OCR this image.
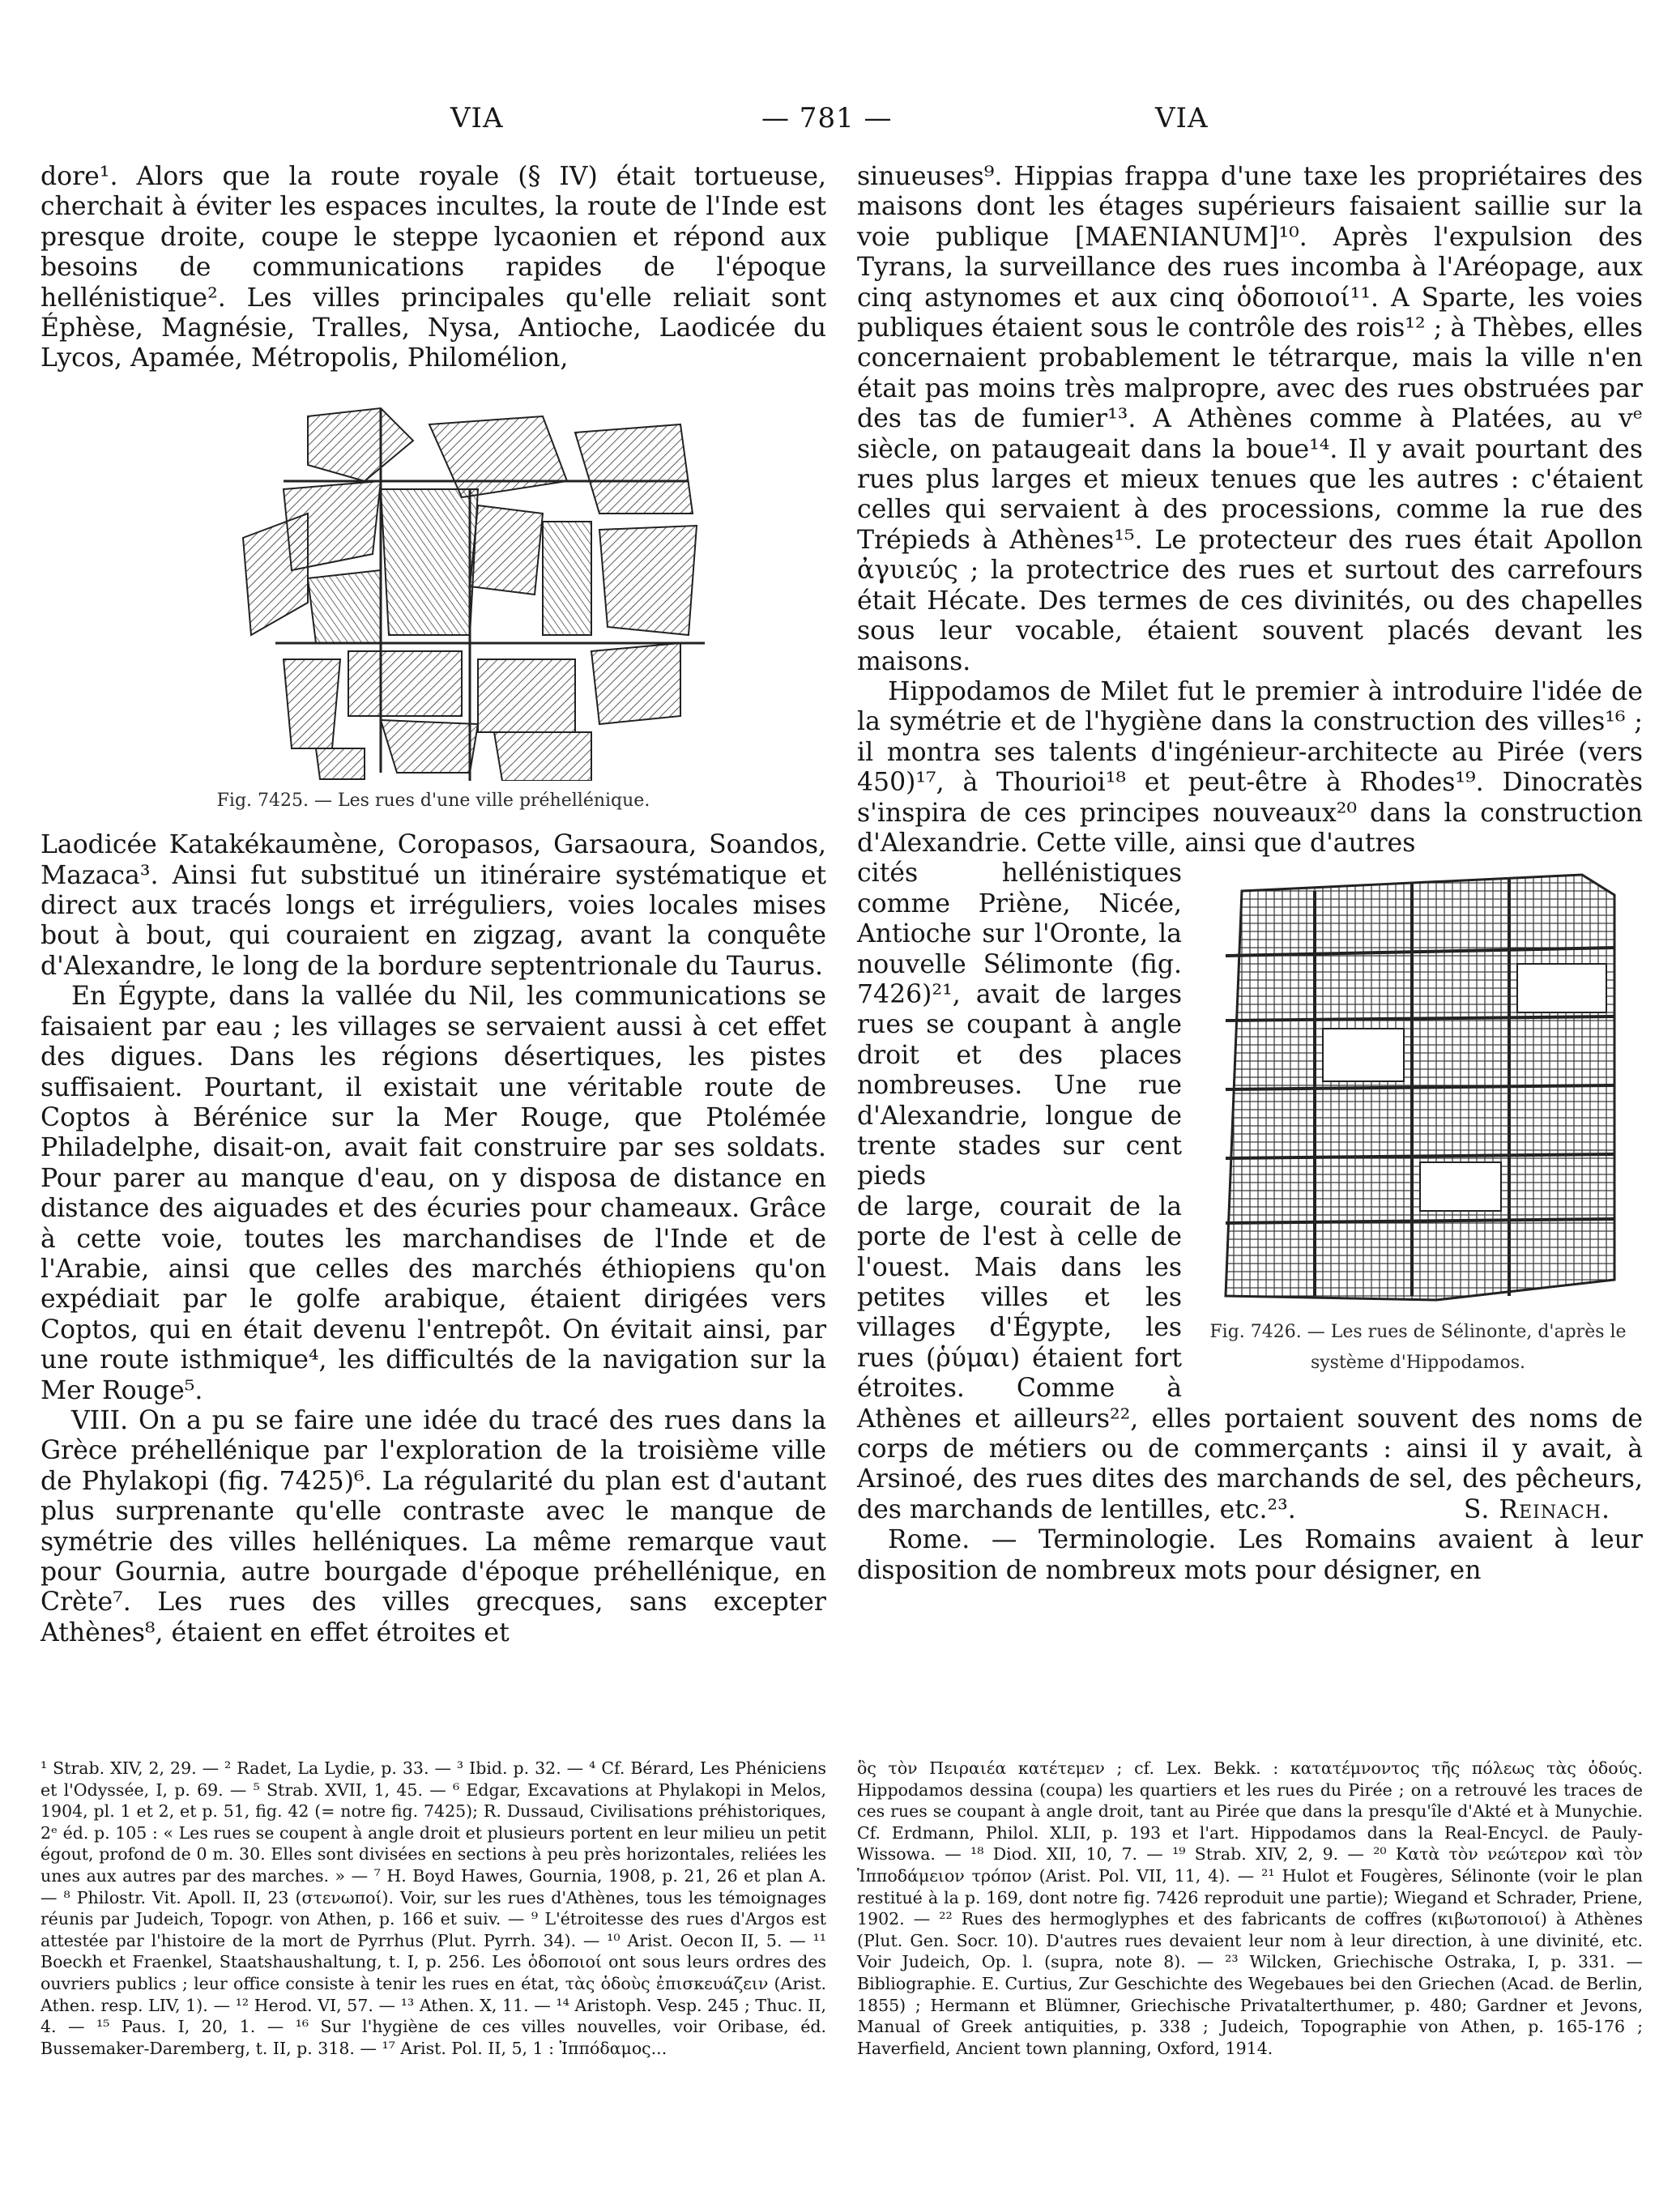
VIA	— 781 —	VIA

dore¹. Alors que la route royale (§ IV) était tortueuse, cherchait à éviter les espaces incultes, la route de l'Inde est presque droite, coupe le steppe lycaonien et répond aux besoins de communications rapides de l'époque hellénistique². Les villes principales qu'elle reliait sont Éphèse, Magnésie, Tralles, Nysa, Antioche, Laodicée du Lycos, Apamée, Métropolis, Philomélion,

Fig. 7425. — Les rues d'une ville préhellénique.

Laodicée Katakékaumène, Coropasos, Garsaoura, Soandos, Mazaca³. Ainsi fut substitué un itinéraire systématique et direct aux tracés longs et irréguliers, voies locales mises bout à bout, qui couraient en zigzag, avant la conquête d'Alexandre, le long de la bordure septentrionale du Taurus.

En Égypte, dans la vallée du Nil, les communications se faisaient par eau ; les villages se servaient aussi à cet effet des digues. Dans les régions désertiques, les pistes suffisaient. Pourtant, il existait une véritable route de Coptos à Bérénice sur la Mer Rouge, que Ptolémée Philadelphe, disait-on, avait fait construire par ses soldats. Pour parer au manque d'eau, on y disposa de distance en distance des aiguades et des écuries pour chameaux. Grâce à cette voie, toutes les marchandises de l'Inde et de l'Arabie, ainsi que celles des marchés éthiopiens qu'on expédiait par le golfe arabique, étaient dirigées vers Coptos, qui en était devenu l'entrepôt. On évitait ainsi, par une route isthmique⁴, les difficultés de la navigation sur la Mer Rouge⁵.

VIII. On a pu se faire une idée du tracé des rues dans la Grèce préhellénique par l'exploration de la troisième ville de Phylakopi (fig. 7425)⁶. La régularité du plan est d'autant plus surprenante qu'elle contraste avec le manque de symétrie des villes helléniques. La même remarque vaut pour Gournia, autre bourgade d'époque préhellénique, en Crète⁷. Les rues des villes grecques, sans excepter Athènes⁸, étaient en effet étroites et

sinueuses⁹. Hippias frappa d'une taxe les propriétaires des maisons dont les étages supérieurs faisaient saillie sur la voie publique [MAENIANUM]¹⁰. Après l'expulsion des Tyrans, la surveillance des rues incomba à l'Aréopage, aux cinq astynomes et aux cinq ὁδοποιοί¹¹. A Sparte, les voies publiques étaient sous le contrôle des rois¹² ; à Thèbes, elles concernaient probablement le tétrarque, mais la ville n'en était pas moins très malpropre, avec des rues obstruées par des tas de fumier¹³. A Athènes comme à Platées, au vᵉ siècle, on pataugeait dans la boue¹⁴. Il y avait pourtant des rues plus larges et mieux tenues que les autres : c'étaient celles qui servaient à des processions, comme la rue des Trépieds à Athènes¹⁵. Le protecteur des rues était Apollon ἀγυιεύς ; la protectrice des rues et surtout des carrefours était Hécate. Des termes de ces divinités, ou des chapelles sous leur vocable, étaient souvent placés devant les maisons.

Hippodamos de Milet fut le premier à introduire l'idée de la symétrie et de l'hygiène dans la construction des villes¹⁶ ; il montra ses talents d'ingénieur-architecte au Pirée (vers 450)¹⁷, à Thourioi¹⁸ et peut-être à Rhodes¹⁹. Dinocratès s'inspira de ces principes nouveaux²⁰ dans la construction d'Alexandrie. Cette ville, ainsi que d'autres

Fig. 7426. — Les rues de Sélinonte, d'après le système d'Hippodamos.

cités hellénistiques comme Priène, Nicée, Antioche sur l'Oronte, la nouvelle Sélimonte (fig. 7426)²¹, avait de larges rues se coupant à angle droit et des places nombreuses. Une rue d'Alexandrie, longue de trente stades sur cent pieds

de large, courait de la porte de l'est à celle de l'ouest. Mais dans les petites villes et les villages d'Égypte, les rues (ῥύμαι) étaient fort étroites. Comme à Athènes et ailleurs²², elles portaient souvent des noms de corps de métiers ou de commerçants : ainsi il y avait, à Arsinoé, des rues dites des marchands de sel, des pêcheurs, des marchands de lentilles, etc.²³.	S. Reinach.

Rome. — Terminologie. Les Romains avaient à leur disposition de nombreux mots pour désigner, en

¹ Strab. XIV, 2, 29. — ² Radet, La Lydie, p. 33. — ³ Ibid. p. 32. — ⁴ Cf. Bérard, Les Phéniciens et l'Odyssée, I, p. 69. — ⁵ Strab. XVII, 1, 45. — ⁶ Edgar, Excavations at Phylakopi in Melos, 1904, pl. 1 et 2, et p. 51, fig. 42 (= notre fig. 7425); R. Dussaud, Civilisations préhistoriques, 2ᵉ éd. p. 105 : « Les rues se coupent à angle droit et plusieurs portent en leur milieu un petit égout, profond de 0 m. 30. Elles sont divisées en sections à peu près horizontales, reliées les unes aux autres par des marches. » — ⁷ H. Boyd Hawes, Gournia, 1908, p. 21, 26 et plan A. — ⁸ Philostr. Vit. Apoll. II, 23 (στενωποί). Voir, sur les rues d'Athènes, tous les témoignages réunis par Judeich, Topogr. von Athen, p. 166 et suiv. — ⁹ L'étroitesse des rues d'Argos est attestée par l'histoire de la mort de Pyrrhus (Plut. Pyrrh. 34). — ¹⁰ Arist. Oecon II, 5. — ¹¹ Boeckh et Fraenkel, Staatshaushaltung, t. I, p. 256. Les ὁδοποιοί ont sous leurs ordres des ouvriers publics ; leur office consiste à tenir les rues en état, τὰς ὁδοὺς ἐπισκευάζειν (Arist. Athen. resp. LIV, 1). — ¹² Herod. VI, 57. — ¹³ Athen. X, 11. — ¹⁴ Aristoph. Vesp. 245 ; Thuc. II, 4. — ¹⁵ Paus. I, 20, 1. — ¹⁶ Sur l'hygiène de ces villes nouvelles, voir Oribase, éd. Bussemaker-Daremberg, t. II, p. 318. — ¹⁷ Arist. Pol. II, 5, 1 : Ἱππόδαμος...

ὃς τὸν Πειραιέα κατέτεμεν ; cf. Lex. Bekk. : κατατέμνοντος τῆς πόλεως τὰς ὁδούς. Hippodamos dessina (coupa) les quartiers et les rues du Pirée ; on a retrouvé les traces de ces rues se coupant à angle droit, tant au Pirée que dans la presqu'île d'Akté et à Munychie. Cf. Erdmann, Philol. XLII, p. 193 et l'art. Hippodamos dans la Real-Encycl. de Pauly-Wissowa. — ¹⁸ Diod. XII, 10, 7. — ¹⁹ Strab. XIV, 2, 9. — ²⁰ Κατὰ τὸν νεώτερον καὶ τὸν Ἱπποδάμειον τρόπον (Arist. Pol. VII, 11, 4). — ²¹ Hulot et Fougères, Sélinonte (voir le plan restitué à la p. 169, dont notre fig. 7426 reproduit une partie); Wiegand et Schrader, Priene, 1902. — ²² Rues des hermoglyphes et des fabricants de coffres (κιβωτοποιοί) à Athènes (Plut. Gen. Socr. 10). D'autres rues devaient leur nom à leur direction, à une divinité, etc. Voir Judeich, Op. l. (supra, note 8). — ²³ Wilcken, Griechische Ostraka, I, p. 331. — Bibliographie. E. Curtius, Zur Geschichte des Wegebaues bei den Griechen (Acad. de Berlin, 1855) ; Hermann et Blümner, Griechische Privatalterthumer, p. 480; Gardner et Jevons, Manual of Greek antiquities, p. 338 ; Judeich, Topographie von Athen, p. 165-176 ; Haverfield, Ancient town planning, Oxford, 1914.
